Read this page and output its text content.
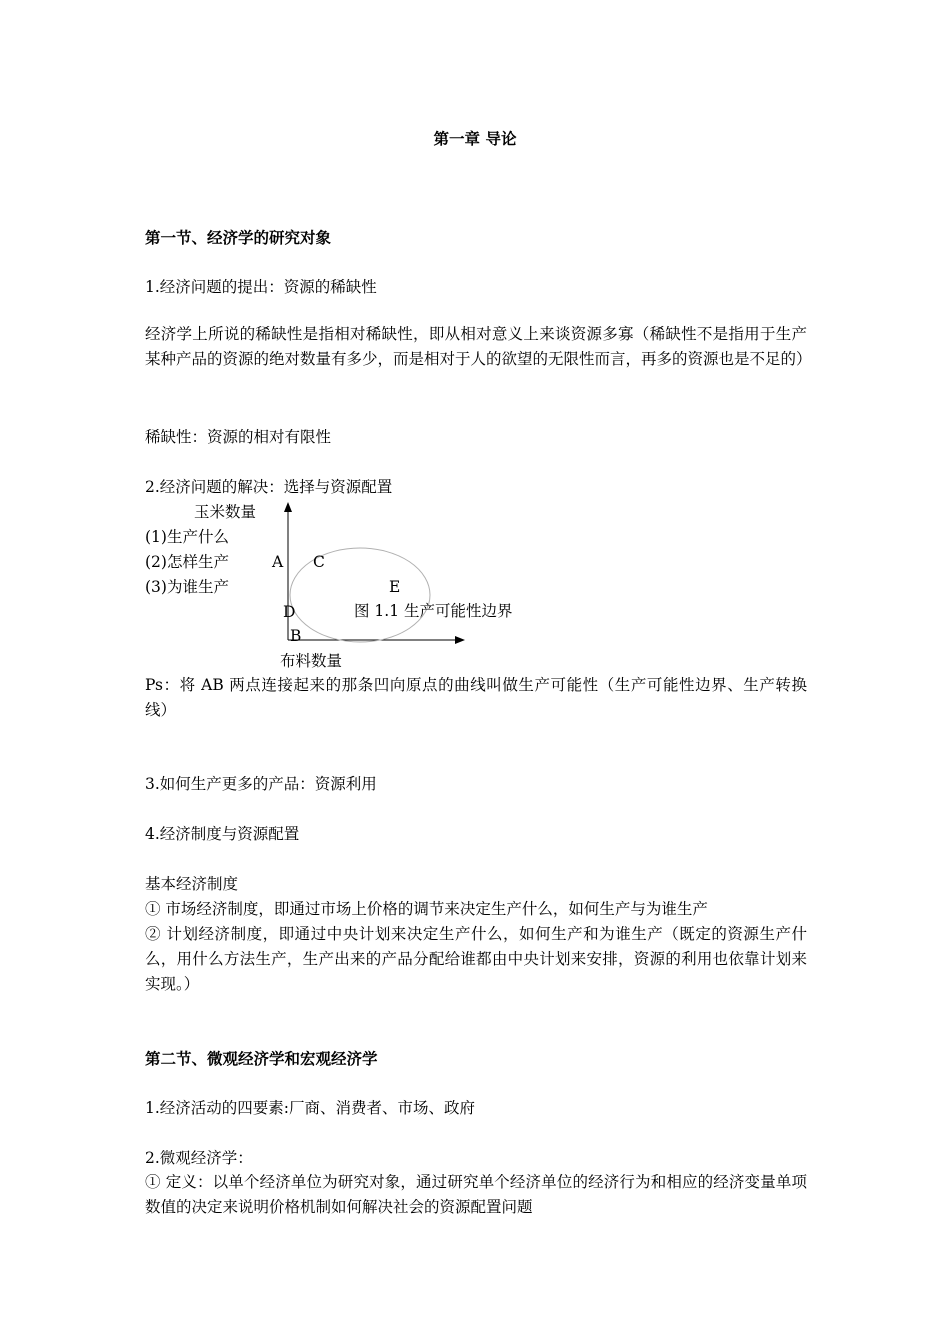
第一章 导论
第一节、经济学的研究对象
1.经济问题的提出：资源的稀缺性
经济学上所说的稀缺性是指相对稀缺性，即从相对意义上来谈资源多寡（稀缺性不是指用于生产某种产品的资源的绝对数量有多少，而是相对于人的欲望的无限性而言，再多的资源也是不足的）
稀缺性：资源的相对有限性
2.经济问题的解决：选择与资源配置
玉米数量
(1)生产什么
(2)怎样生产
(3)为谁生产
A C
E
D	图 1.1 生产可能性边界
B
布料数量
Ps：将 AB 两点连接起来的那条凹向原点的曲线叫做生产可能性（生产可能性边界、生产转换线）
3.如何生产更多的产品：资源利用
4.经济制度与资源配置
基本经济制度
① 市场经济制度，即通过市场上价格的调节来决定生产什么，如何生产与为谁生产
② 计划经济制度，即通过中央计划来决定生产什么，如何生产和为谁生产（既定的资源生产什么，用什么方法生产，生产出来的产品分配给谁都由中央计划来安排，资源的利用也依靠计划来实现。）
第二节、微观经济学和宏观经济学
1.经济活动的四要素:厂商、消费者、市场、政府
2.微观经济学：
① 定义：以单个经济单位为研究对象，通过研究单个经济单位的经济行为和相应的经济变量单项数值的决定来说明价格机制如何解决社会的资源配置问题
